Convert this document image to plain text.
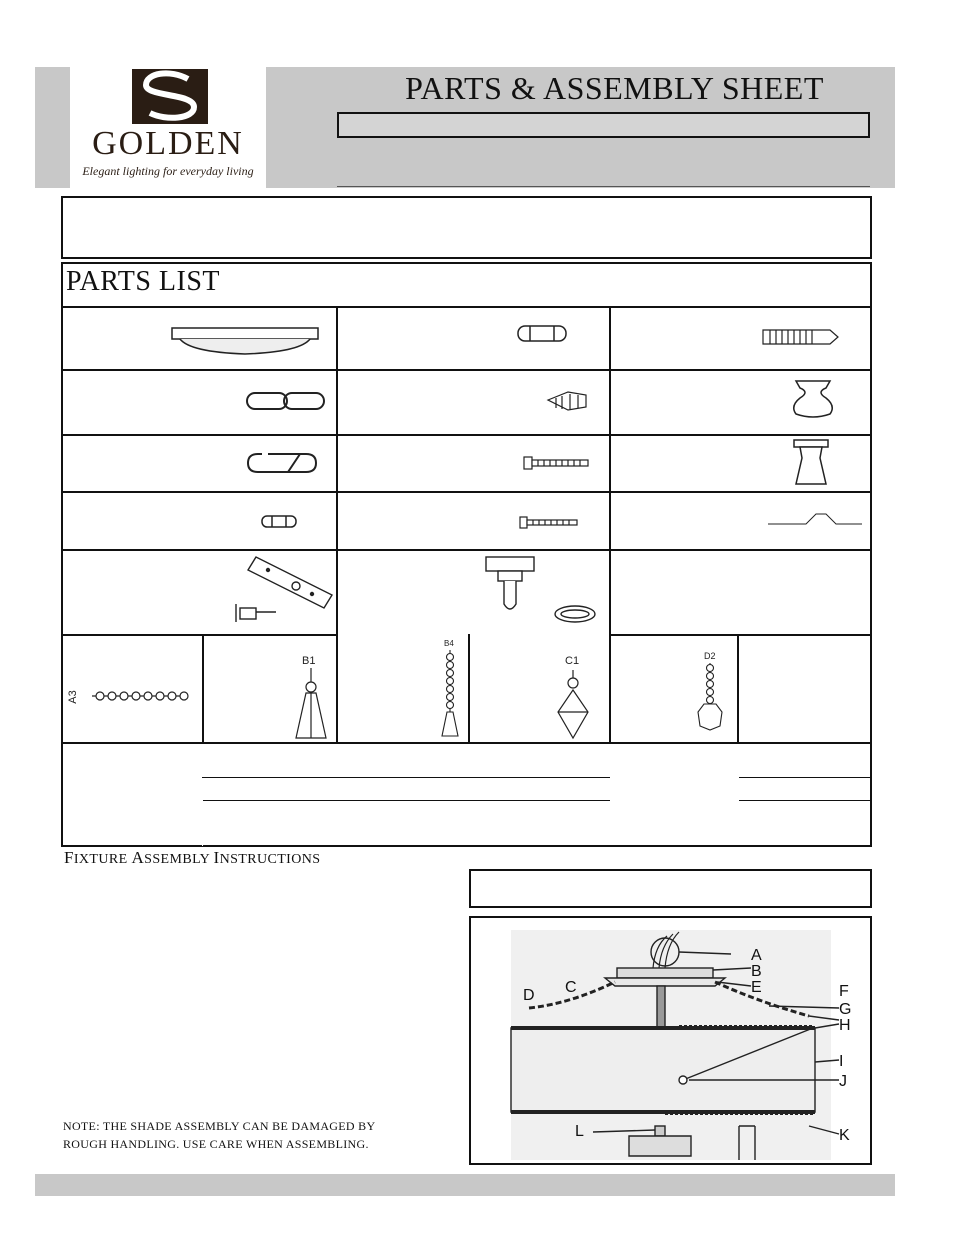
GOLDEN
Elegant lighting for everyday living
PARTS & ASSEMBLY SHEET
PARTS LIST
A3
B1
B4
C1	D2
FIXTURE ASSEMBLY INSTRUCTIONS
A
B
E	F
G
H
I
J
K
L
C
D
NOTE: THE SHADE ASSEMBLY CAN BE DAMAGED BY
ROUGH HANDLING. USE CARE WHEN ASSEMBLING.
